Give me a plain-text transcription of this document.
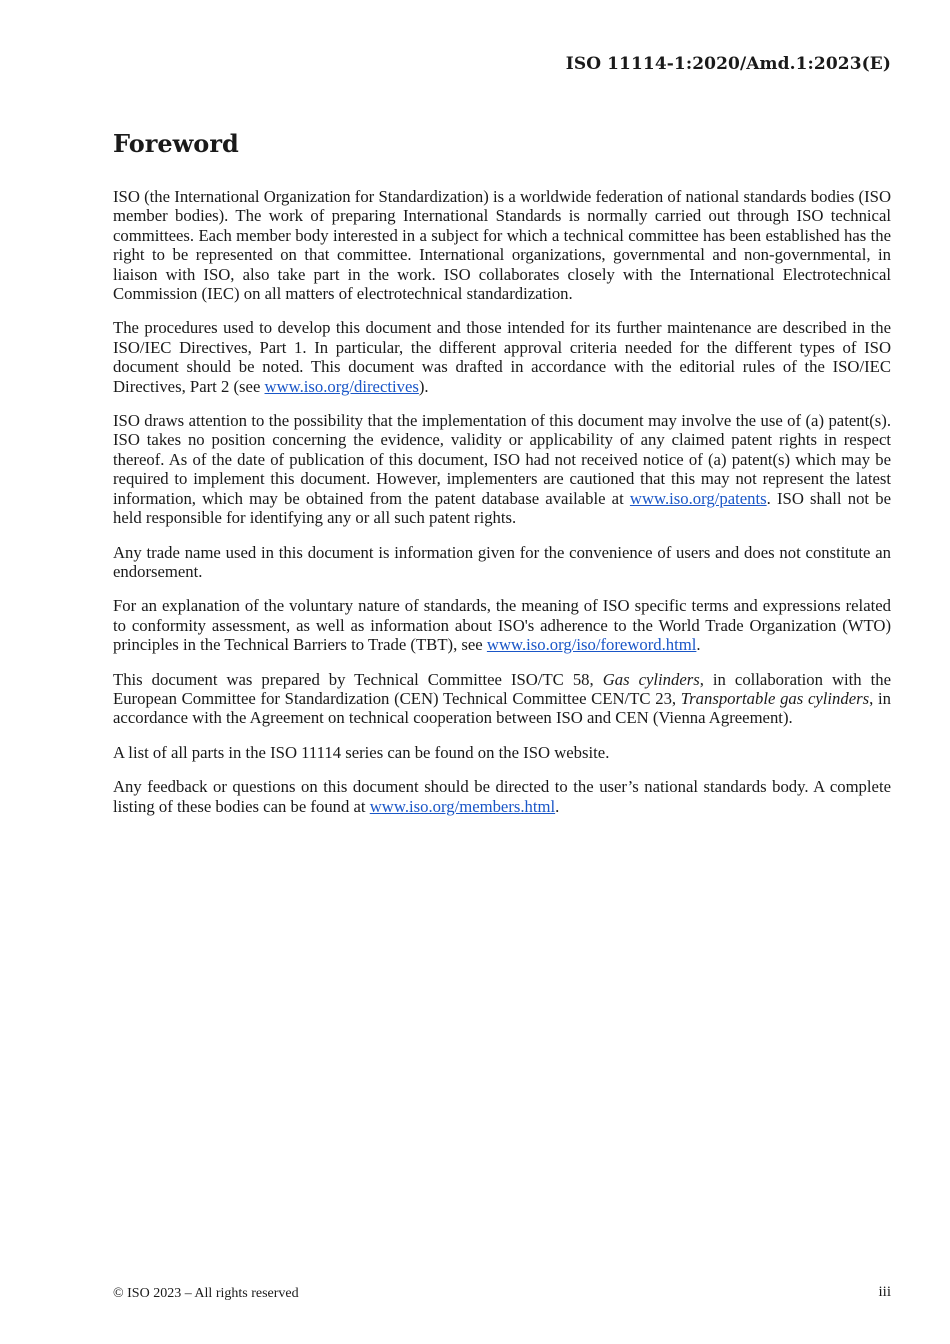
ISO 11114-1:2020/Amd.1:2023(E)
Foreword

ISO (the International Organization for Standardization) is a worldwide federation of national standards bodies (ISO member bodies). The work of preparing International Standards is normally carried out through ISO technical committees. Each member body interested in a subject for which a technical committee has been established has the right to be represented on that committee. International organizations, governmental and non-governmental, in liaison with ISO, also take part in the work. ISO collaborates closely with the International Electrotechnical Commission (IEC) on all matters of electrotechnical standardization.

The procedures used to develop this document and those intended for its further maintenance are described in the ISO/IEC Directives, Part 1. In particular, the different approval criteria needed for the different types of ISO document should be noted. This document was drafted in accordance with the editorial rules of the ISO/IEC Directives, Part 2 (see www.iso.org/directives).

ISO draws attention to the possibility that the implementation of this document may involve the use of (a) patent(s). ISO takes no position concerning the evidence, validity or applicability of any claimed patent rights in respect thereof. As of the date of publication of this document, ISO had not received notice of (a) patent(s) which may be required to implement this document. However, implementers are cautioned that this may not represent the latest information, which may be obtained from the patent database available at www.iso.org/patents. ISO shall not be held responsible for identifying any or all such patent rights.

Any trade name used in this document is information given for the convenience of users and does not constitute an endorsement.

For an explanation of the voluntary nature of standards, the meaning of ISO specific terms and expressions related to conformity assessment, as well as information about ISO's adherence to the World Trade Organization (WTO) principles in the Technical Barriers to Trade (TBT), see www.iso.org/iso/foreword.html.

This document was prepared by Technical Committee ISO/TC 58, Gas cylinders, in collaboration with the European Committee for Standardization (CEN) Technical Committee CEN/TC 23, Transportable gas cylinders, in accordance with the Agreement on technical cooperation between ISO and CEN (Vienna Agreement).

A list of all parts in the ISO 11114 series can be found on the ISO website.

Any feedback or questions on this document should be directed to the user’s national standards body. A complete listing of these bodies can be found at www.iso.org/members.html.

© ISO 2023 – All rights reserved	iii
